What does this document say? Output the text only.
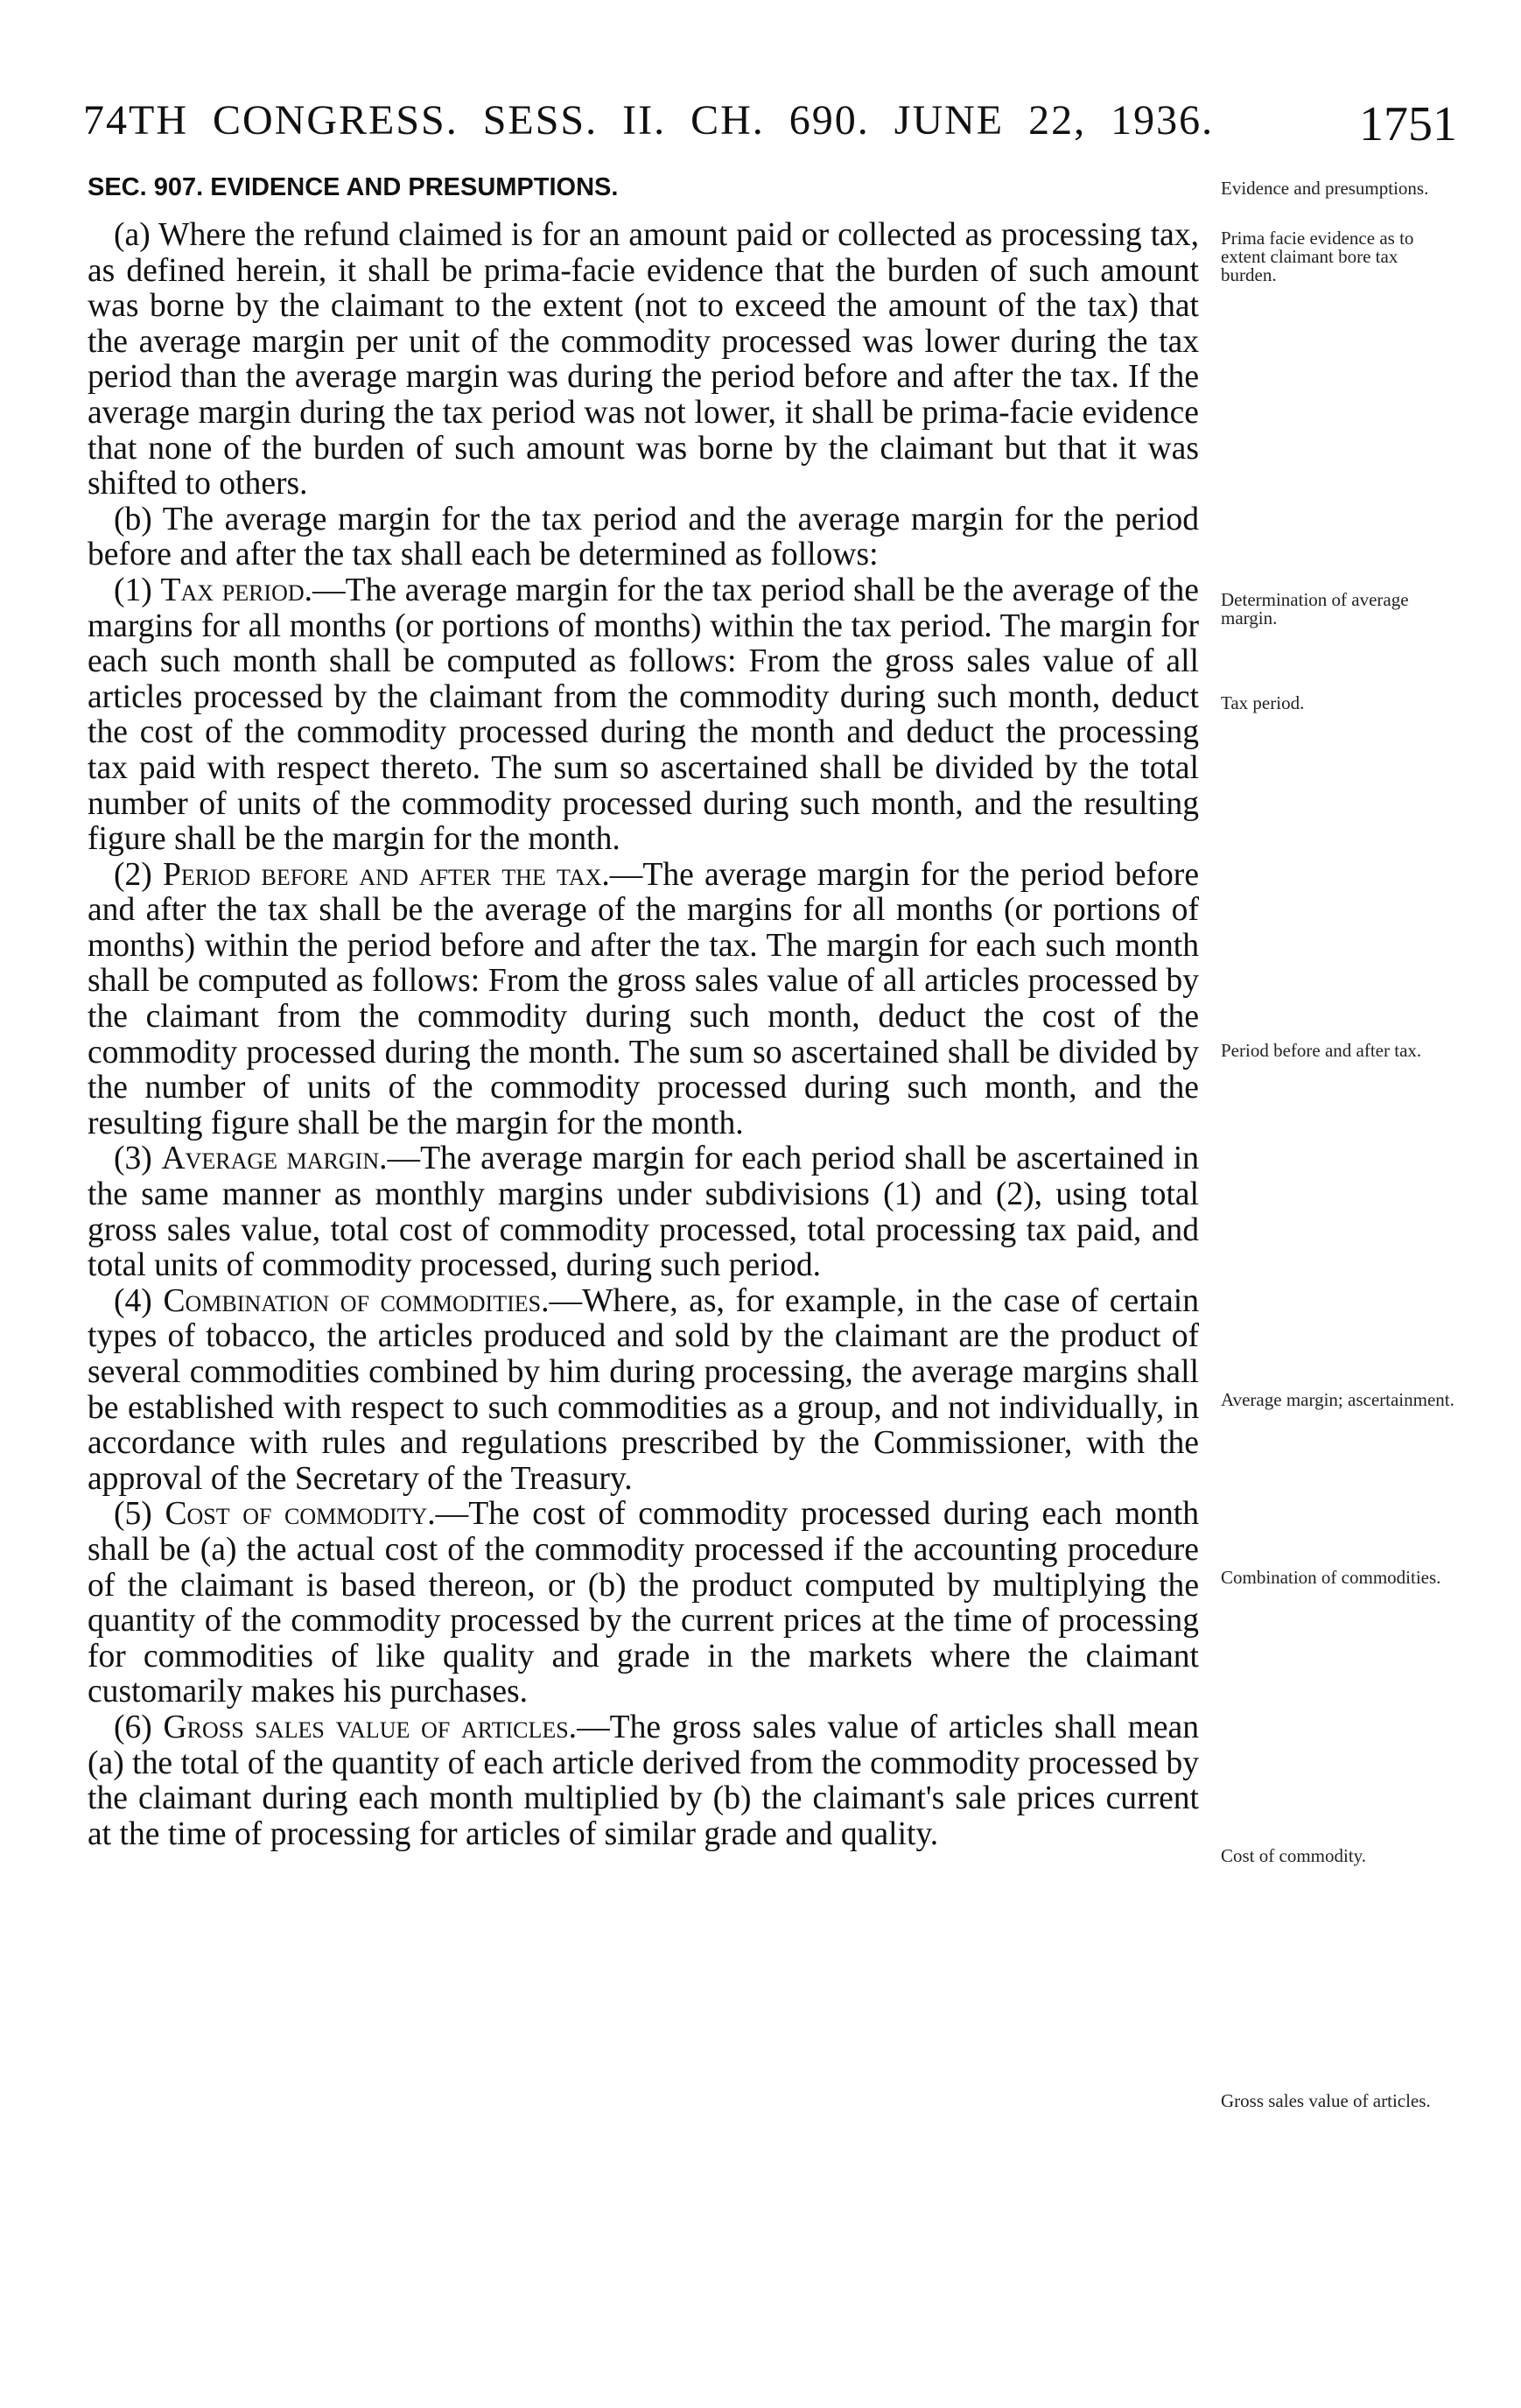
74TH CONGRESS. SESS. II. CH. 690. JUNE 22, 1936.	1751
SEC. 907. EVIDENCE AND PRESUMPTIONS.

(a) Where the refund claimed is for an amount paid or collected as processing tax, as defined herein, it shall be prima-facie evidence that the burden of such amount was borne by the claimant to the extent (not to exceed the amount of the tax) that the average margin per unit of the commodity processed was lower during the tax period than the average margin was during the period before and after the tax. If the average margin during the tax period was not lower, it shall be prima-facie evidence that none of the burden of such amount was borne by the claimant but that it was shifted to others.

(b) The average margin for the tax period and the average margin for the period before and after the tax shall each be determined as follows:

(1) Tax period.—The average margin for the tax period shall be the average of the margins for all months (or portions of months) within the tax period. The margin for each such month shall be computed as follows: From the gross sales value of all articles processed by the claimant from the commodity during such month, deduct the cost of the commodity processed during the month and deduct the processing tax paid with respect thereto. The sum so ascertained shall be divided by the total number of units of the commodity processed during such month, and the resulting figure shall be the margin for the month.

(2) Period before and after the tax.—The average margin for the period before and after the tax shall be the average of the margins for all months (or portions of months) within the period before and after the tax. The margin for each such month shall be computed as follows: From the gross sales value of all articles processed by the claimant from the commodity during such month, deduct the cost of the commodity processed during the month. The sum so ascertained shall be divided by the number of units of the commodity processed during such month, and the resulting figure shall be the margin for the month.

(3) Average margin.—The average margin for each period shall be ascertained in the same manner as monthly margins under subdivisions (1) and (2), using total gross sales value, total cost of commodity processed, total processing tax paid, and total units of commodity processed, during such period.

(4) Combination of commodities.—Where, as, for example, in the case of certain types of tobacco, the articles produced and sold by the claimant are the product of several commodities combined by him during processing, the average margins shall be established with respect to such commodities as a group, and not individually, in accordance with rules and regulations prescribed by the Commissioner, with the approval of the Secretary of the Treasury.

(5) Cost of commodity.—The cost of commodity processed during each month shall be (a) the actual cost of the commodity processed if the accounting procedure of the claimant is based thereon, or (b) the product computed by multiplying the quantity of the commodity processed by the current prices at the time of processing for commodities of like quality and grade in the markets where the claimant customarily makes his purchases.

(6) Gross sales value of articles.—The gross sales value of articles shall mean (a) the total of the quantity of each article derived from the commodity processed by the claimant during each month multiplied by (b) the claimant's sale prices current at the time of processing for articles of similar grade and quality.

Evidence and presumptions.
Prima facie evidence as to extent claimant bore tax burden.
Determination of average margin.
Tax period.
Period before and after tax.
Average margin; ascertainment.
Combination of commodities.
Cost of commodity.
Gross sales value of articles.
